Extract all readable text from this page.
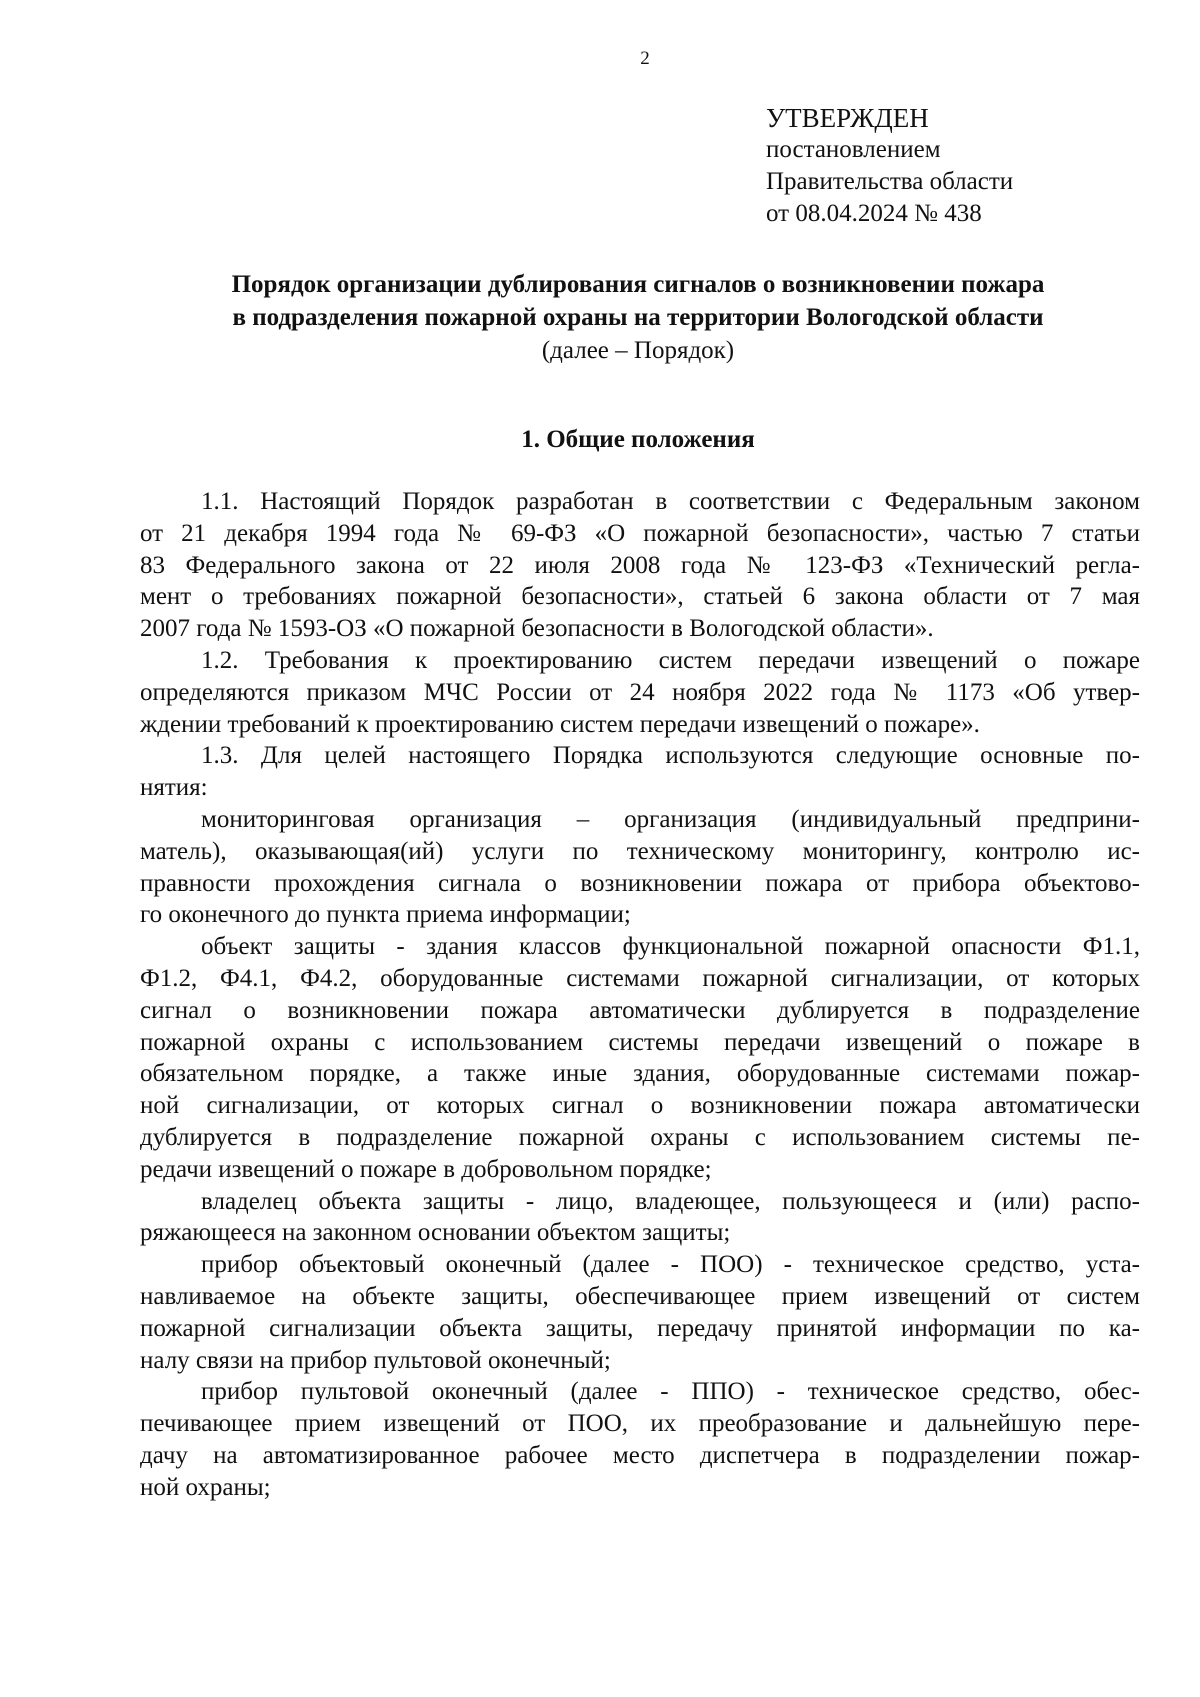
2
УТВЕРЖДЕН
постановлением
Правительства области
от 08.04.2024 № 438
Порядок организации дублирования сигналов о возникновении пожара
в подразделения пожарной охраны на территории Вологодской области
(далее – Порядок)
1. Общие положения
1.1. Настоящий Порядок разработан в соответствии с Федеральным законом
от 21 декабря 1994 года № 69-ФЗ «О пожарной безопасности», частью 7 статьи
83 Федерального закона от 22 июля 2008 года № 123-ФЗ «Технический регла-
мент о требованиях пожарной безопасности», статьей 6 закона области от 7 мая
2007 года № 1593-ОЗ «О пожарной безопасности в Вологодской области».
1.2. Требования к проектированию систем передачи извещений о пожаре
определяются приказом МЧС России от 24 ноября 2022 года № 1173 «Об утвер-
ждении требований к проектированию систем передачи извещений о пожаре».
1.3. Для целей настоящего Порядка используются следующие основные по-
нятия:
мониторинговая организация – организация (индивидуальный предприни-
матель), оказывающая(ий) услуги по техническому мониторингу, контролю ис-
правности прохождения сигнала о возникновении пожара от прибора объектово-
го оконечного до пункта приема информации;
объект защиты - здания классов функциональной пожарной опасности Ф1.1,
Ф1.2, Ф4.1, Ф4.2, оборудованные системами пожарной сигнализации, от которых
сигнал о возникновении пожара автоматически дублируется в подразделение
пожарной охраны с использованием системы передачи извещений о пожаре в
обязательном порядке, а также иные здания, оборудованные системами пожар-
ной сигнализации, от которых сигнал о возникновении пожара автоматически
дублируется в подразделение пожарной охраны с использованием системы пе-
редачи извещений о пожаре в добровольном порядке;
владелец объекта защиты - лицо, владеющее, пользующееся и (или) распо-
ряжающееся на законном основании объектом защиты;
прибор объектовый оконечный (далее - ПОО) - техническое средство, уста-
навливаемое на объекте защиты, обеспечивающее прием извещений от систем
пожарной сигнализации объекта защиты, передачу принятой информации по ка-
налу связи на прибор пультовой оконечный;
прибор пультовой оконечный (далее - ППО) - техническое средство, обес-
печивающее прием извещений от ПОО, их преобразование и дальнейшую пере-
дачу на автоматизированное рабочее место диспетчера в подразделении пожар-
ной охраны;
